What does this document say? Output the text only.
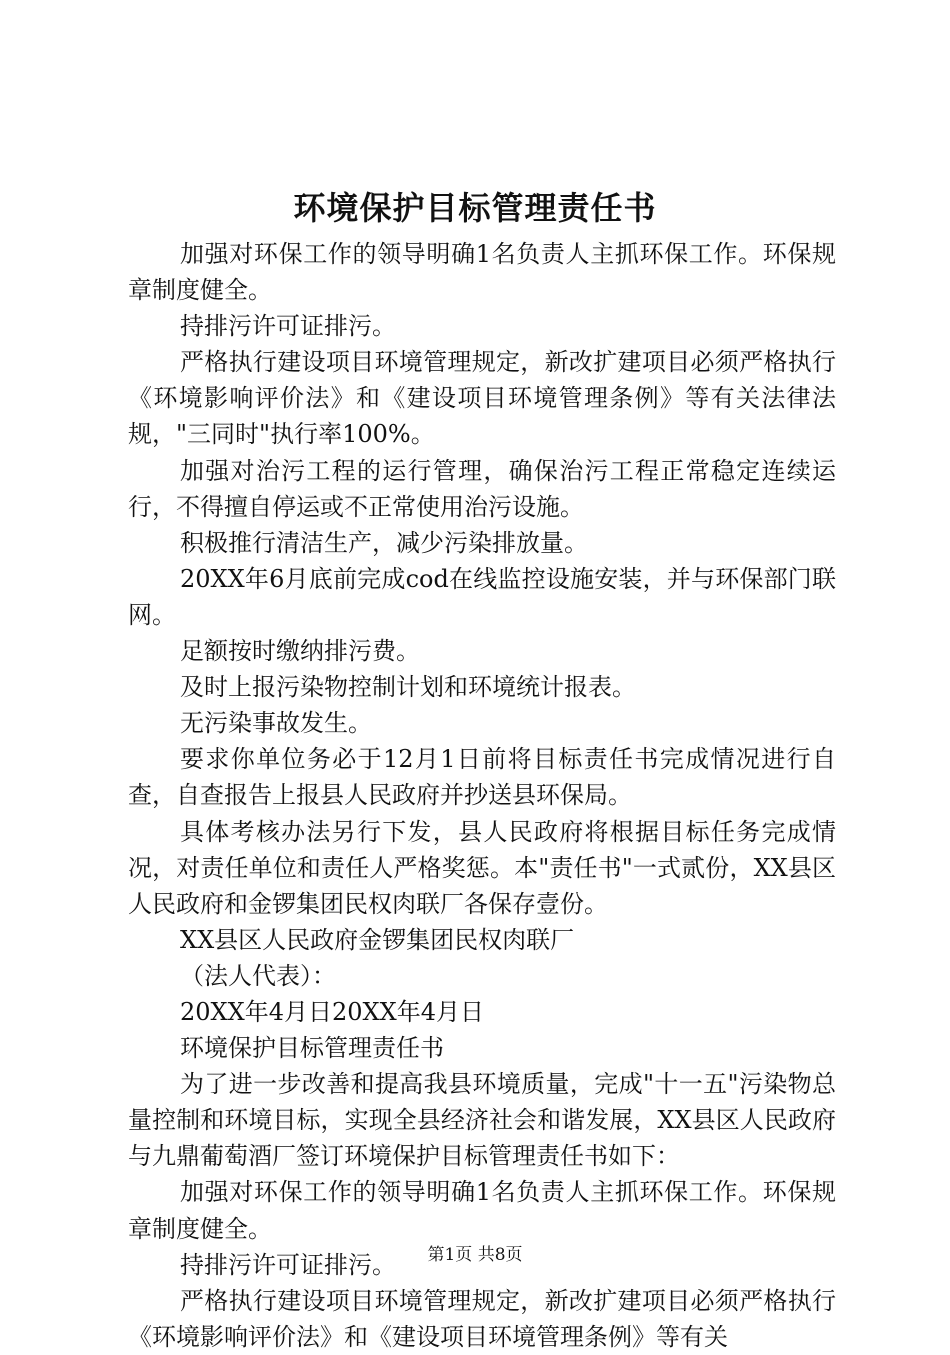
环境保护目标管理责任书

加强对环保工作的领导明确1名负责人主抓环保工作。环保规章制度健全。

持排污许可证排污。

严格执行建设项目环境管理规定，新改扩建项目必须严格执行《环境影响评价法》和《建设项目环境管理条例》等有关法律法规，"三同时"执行率100%。

加强对治污工程的运行管理，确保治污工程正常稳定连续运行，不得擅自停运或不正常使用治污设施。

积极推行清洁生产，减少污染排放量。

20XX年6月底前完成cod在线监控设施安装，并与环保部门联网。

足额按时缴纳排污费。

及时上报污染物控制计划和环境统计报表。

无污染事故发生。

要求你单位务必于12月1日前将目标责任书完成情况进行自查，自查报告上报县人民政府并抄送县环保局。

具体考核办法另行下发，县人民政府将根据目标任务完成情况，对责任单位和责任人严格奖惩。本"责任书"一式贰份，XX县区人民政府和金锣集团民权肉联厂各保存壹份。

XX县区人民政府金锣集团民权肉联厂

（法人代表）：

20XX年4月日20XX年4月日

环境保护目标管理责任书

为了进一步改善和提高我县环境质量，完成"十一五"污染物总量控制和环境目标，实现全县经济社会和谐发展，XX县区人民政府与九鼎葡萄酒厂签订环境保护目标管理责任书如下：

加强对环保工作的领导明确1名负责人主抓环保工作。环保规章制度健全。

持排污许可证排污。

严格执行建设项目环境管理规定，新改扩建项目必须严格执行《环境影响评价法》和《建设项目环境管理条例》等有关

第1页 共8页
